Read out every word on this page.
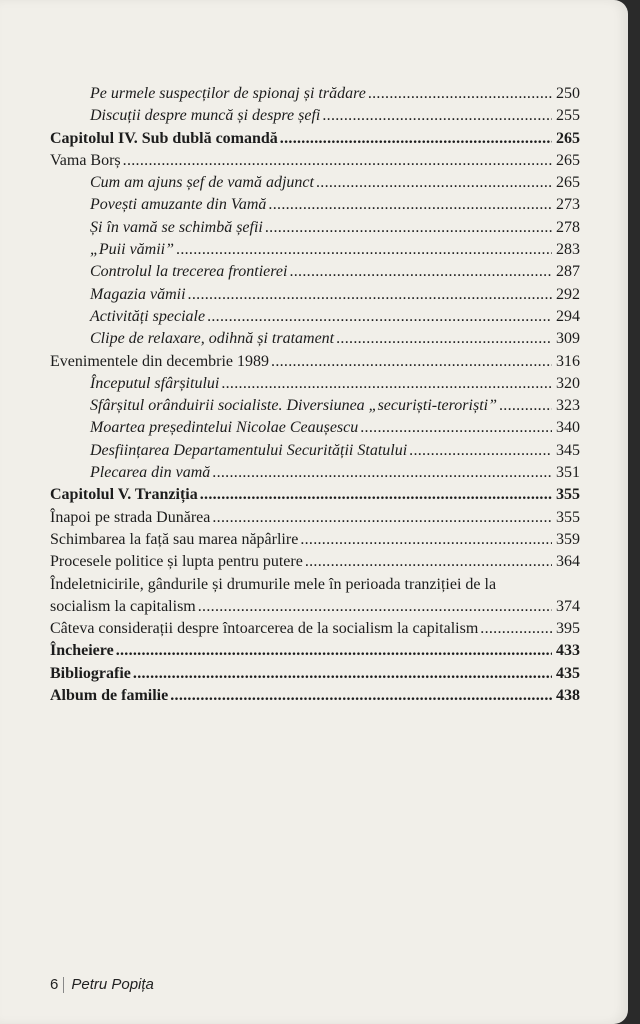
Pe urmele suspecților de spionaj și trădare .....	250
Discuții despre muncă și despre șefi .....	255
Capitolul IV. Sub dublă comandă .....	265
Vama Borș .....	265
Cum am ajuns șef de vamă adjunct .....	265
Povești amuzante din Vamă .....	273
Și în vamă se schimbă șefii .....	278
„Puii vămii” .....	283
Controlul la trecerea frontierei .....	287
Magazia vămii .....	292
Activități speciale .....	294
Clipe de relaxare, odihnă și tratament .....	309
Evenimentele din decembrie 1989 .....	316
Începutul sfârșitului .....	320
Sfârșitul orânduirii socialiste. Diversiunea „securiști-teroriști” .....	323
Moartea președintelui Nicolae Ceaușescu .....	340
Desființarea Departamentului Securității Statului .....	345
Plecarea din vamă .....	351
Capitolul V. Tranziția .....	355
Înapoi pe strada Dunărea .....	355
Schimbarea la față sau marea năpârlire .....	359
Procesele politice și lupta pentru putere .....	364
Îndeletnicirile, gândurile și drumurile mele în perioada tranziției de la
socialism la capitalism .....	374
Câteva considerații despre întoarcerea de la socialism la capitalism .....	395
Încheiere .....	433
Bibliografie .....	435
Album de familie .....	438
6 Petru Popița
